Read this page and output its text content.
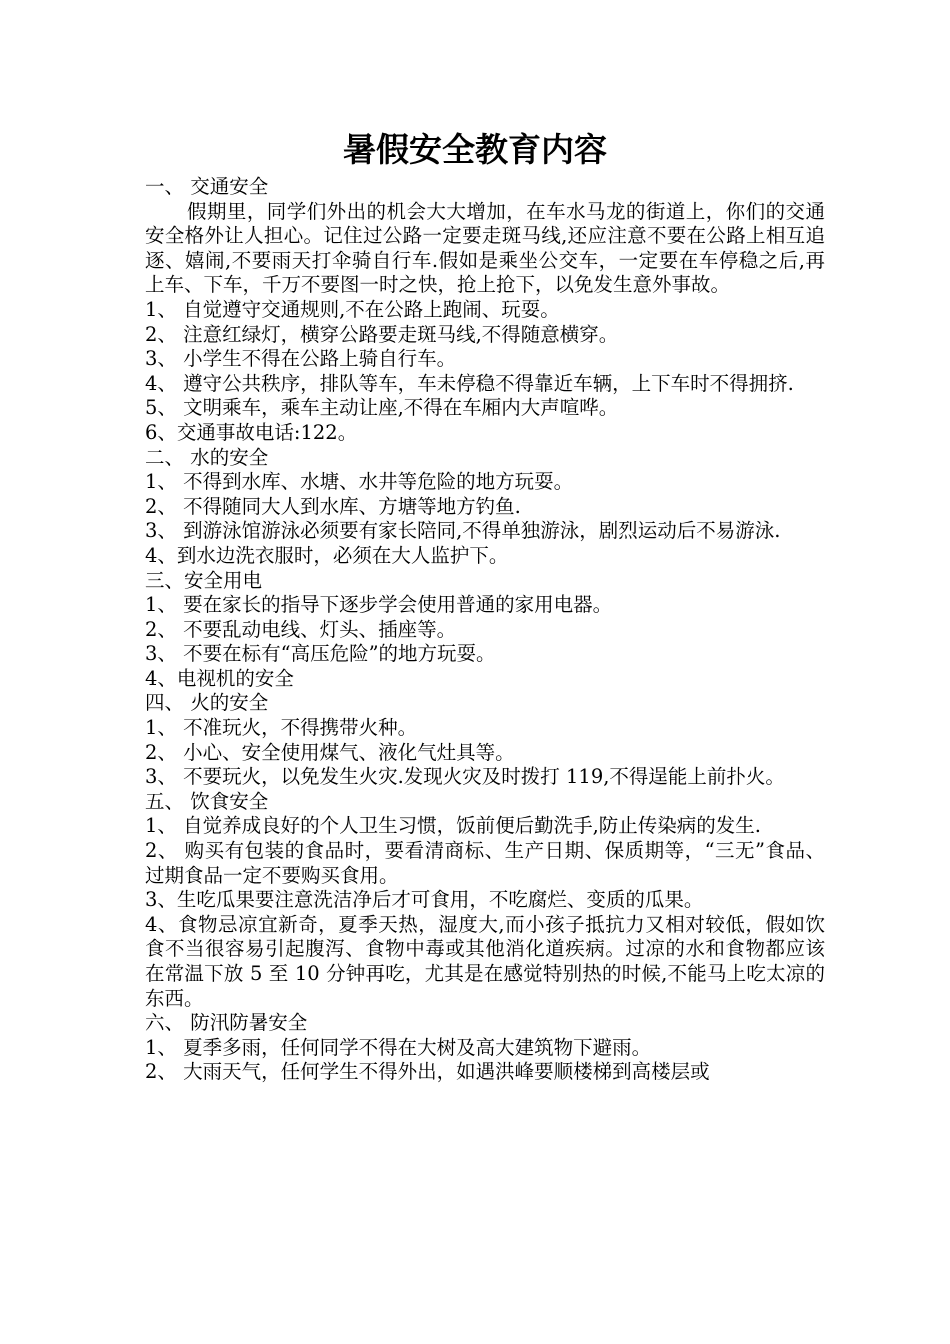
暑假安全教育内容

一、 交通安全

假期里，同学们外出的机会大大增加，在车水马龙的街道上，你们的交通安全格外让人担心。记住过公路一定要走斑马线,还应注意不要在公路上相互追逐、嬉闹,不要雨天打伞骑自行车.假如是乘坐公交车，一定要在车停稳之后,再上车、下车，千万不要图一时之快，抢上抢下，以免发生意外事故。

1、 自觉遵守交通规则,不在公路上跑闹、玩耍。

2、 注意红绿灯，横穿公路要走斑马线,不得随意横穿。

3、 小学生不得在公路上骑自行车。

4、 遵守公共秩序，排队等车，车未停稳不得靠近车辆，上下车时不得拥挤.

5、 文明乘车，乘车主动让座,不得在车厢内大声喧哗。

6、交通事故电话:122。

二、 水的安全

1、 不得到水库、水塘、水井等危险的地方玩耍。

2、 不得随同大人到水库、方塘等地方钓鱼.

3、 到游泳馆游泳必须要有家长陪同,不得单独游泳，剧烈运动后不易游泳.

4、到水边洗衣服时，必须在大人监护下。

三、安全用电

1、 要在家长的指导下逐步学会使用普通的家用电器。

2、 不要乱动电线、灯头、插座等。

3、 不要在标有“高压危险”的地方玩耍。

4、电视机的安全

四、 火的安全

1、 不准玩火，不得携带火种。

2、 小心、安全使用煤气、液化气灶具等。

3、 不要玩火，以免发生火灾.发现火灾及时拨打 119,不得逞能上前扑火。

五、 饮食安全

1、 自觉养成良好的个人卫生习惯，饭前便后勤洗手,防止传染病的发生.

2、 购买有包装的食品时，要看清商标、生产日期、保质期等，“三无”食品、过期食品一定不要购买食用。

3、生吃瓜果要注意洗洁净后才可食用，不吃腐烂、变质的瓜果。

4、食物忌凉宜新奇，夏季天热，湿度大,而小孩子抵抗力又相对较低，假如饮食不当很容易引起腹泻、食物中毒或其他消化道疾病。过凉的水和食物都应该在常温下放 5 至 10 分钟再吃，尤其是在感觉特别热的时候,不能马上吃太凉的东西。

六、 防汛防暑安全

1、 夏季多雨，任何同学不得在大树及高大建筑物下避雨。

2、 大雨天气，任何学生不得外出，如遇洪峰要顺楼梯到高楼层或
